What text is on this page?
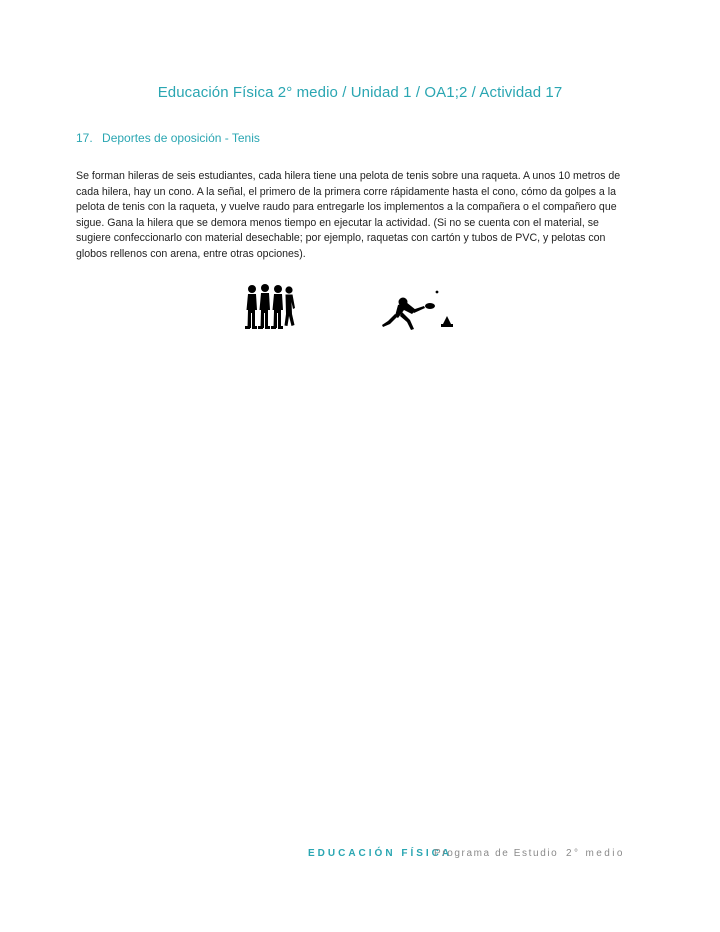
Educación Física 2° medio / Unidad 1 / OA1;2 / Actividad 17
17. Deportes de oposición - Tenis
Se forman hileras de seis estudiantes, cada hilera tiene una pelota de tenis sobre una raqueta. A unos 10 metros de cada hilera, hay un cono. A la señal, el primero de la primera corre rápidamente hasta el cono, cómo da golpes a la pelota de tenis con la raqueta, y vuelve raudo para entregarle los implementos a la compañera o el compañero que sigue. Gana la hilera que se demora menos tiempo en ejecutar la actividad. (Si no se cuenta con el material, se sugiere confeccionarlo con material desechable; por ejemplo, raquetas con cartón y tubos de PVC, y pelotas con globos rellenos con arena, entre otras opciones).
EDUCACIÓN FÍSICA
Programa de Estudio 2° medio
